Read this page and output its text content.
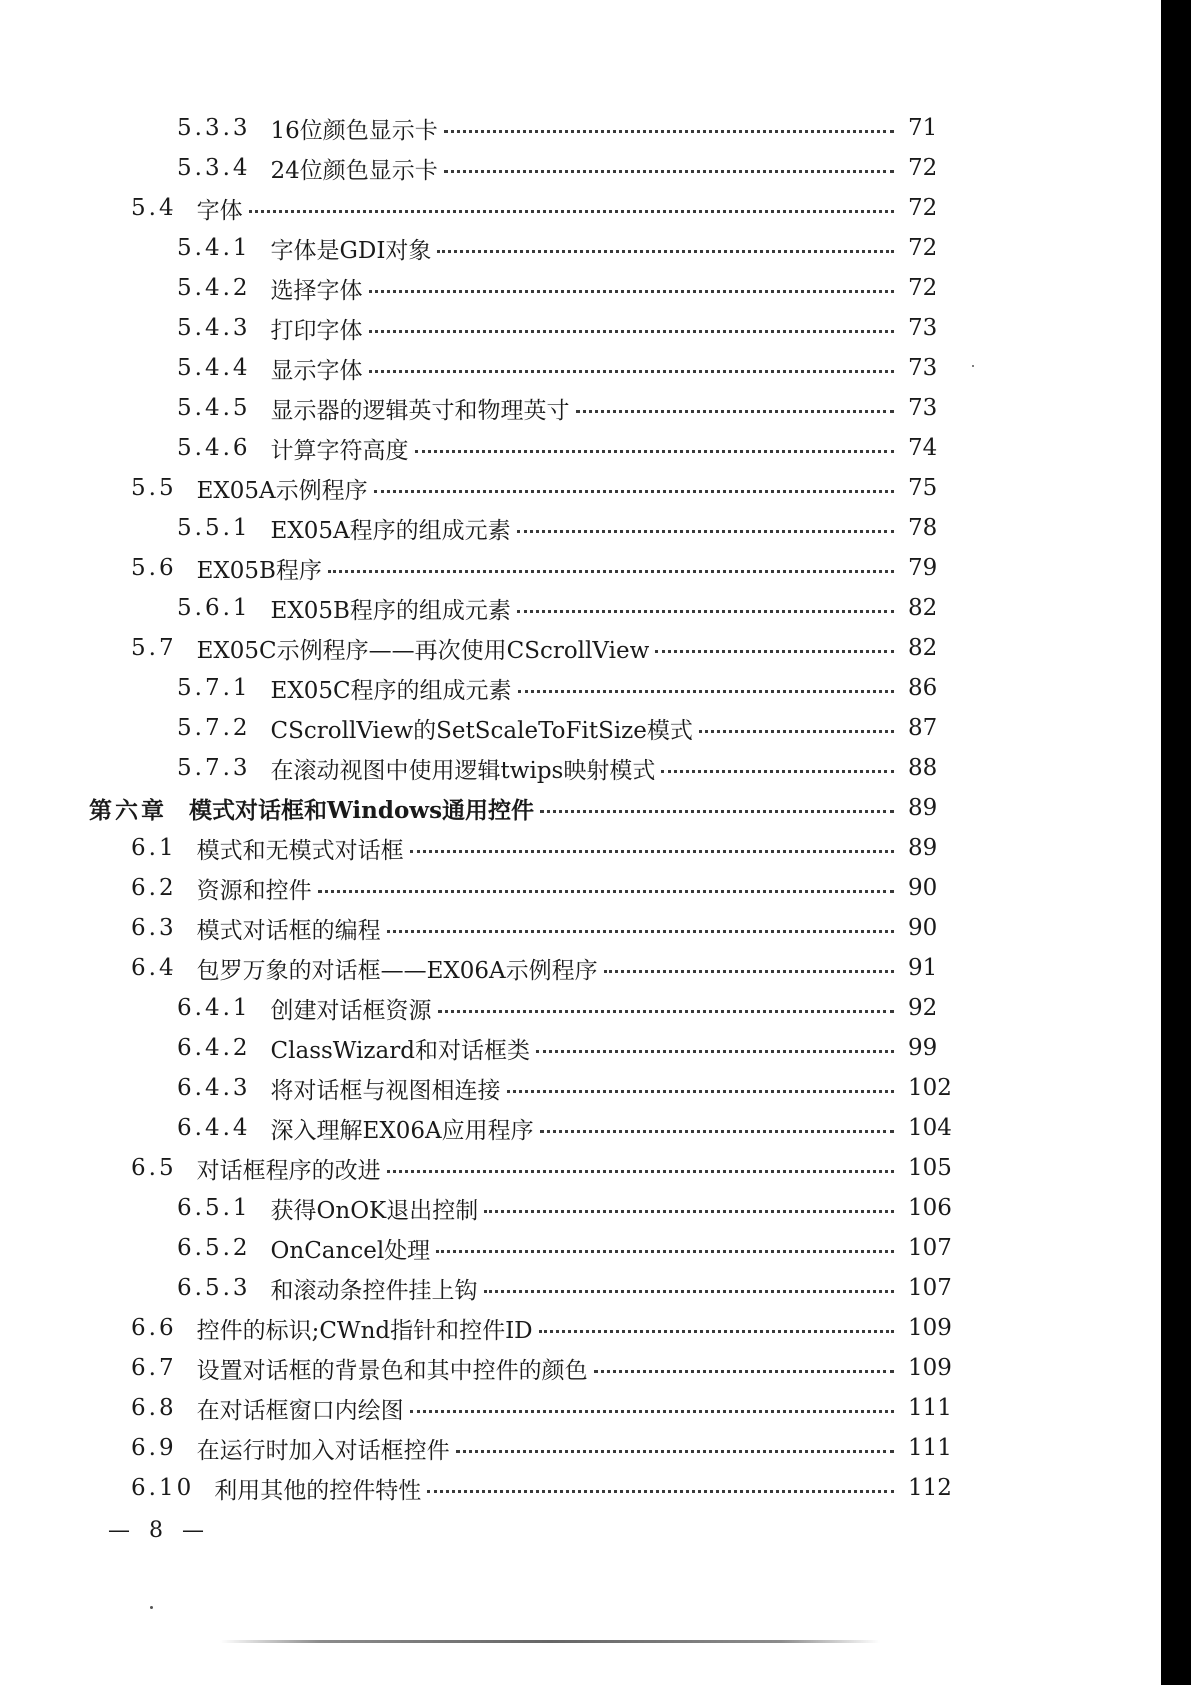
5.3.3 16位颜色显示卡	71
5.3.4 24位颜色显示卡	72
5.4 字体	72
5.4.1 字体是GDI对象	72
5.4.2 选择字体	72
5.4.3 打印字体	73
5.4.4 显示字体	73
5.4.5 显示器的逻辑英寸和物理英寸	73
5.4.6 计算字符高度	74
5.5 EX05A示例程序	75
5.5.1 EX05A程序的组成元素	78
5.6 EX05B程序	79
5.6.1 EX05B程序的组成元素	82
5.7 EX05C示例程序——再次使用CScrollView	82
5.7.1 EX05C程序的组成元素	86
5.7.2 CScrollView的SetScaleToFitSize模式	87
5.7.3 在滚动视图中使用逻辑twips映射模式	88
第六章 模式对话框和Windows通用控件	89
6.1 模式和无模式对话框	89
6.2 资源和控件	90
6.3 模式对话框的编程	90
6.4 包罗万象的对话框——EX06A示例程序	91
6.4.1 创建对话框资源	92
6.4.2 ClassWizard和对话框类	99
6.4.3 将对话框与视图相连接	102
6.4.4 深入理解EX06A应用程序	104
6.5 对话框程序的改进	105
6.5.1 获得OnOK退出控制	106
6.5.2 OnCancel处理	107
6.5.3 和滚动条控件挂上钩	107
6.6 控件的标识;CWnd指针和控件ID	109
6.7 设置对话框的背景色和其中控件的颜色	109
6.8 在对话框窗口内绘图	111
6.9 在运行时加入对话框控件	111
6.10 利用其他的控件特性	112
— 8 —
